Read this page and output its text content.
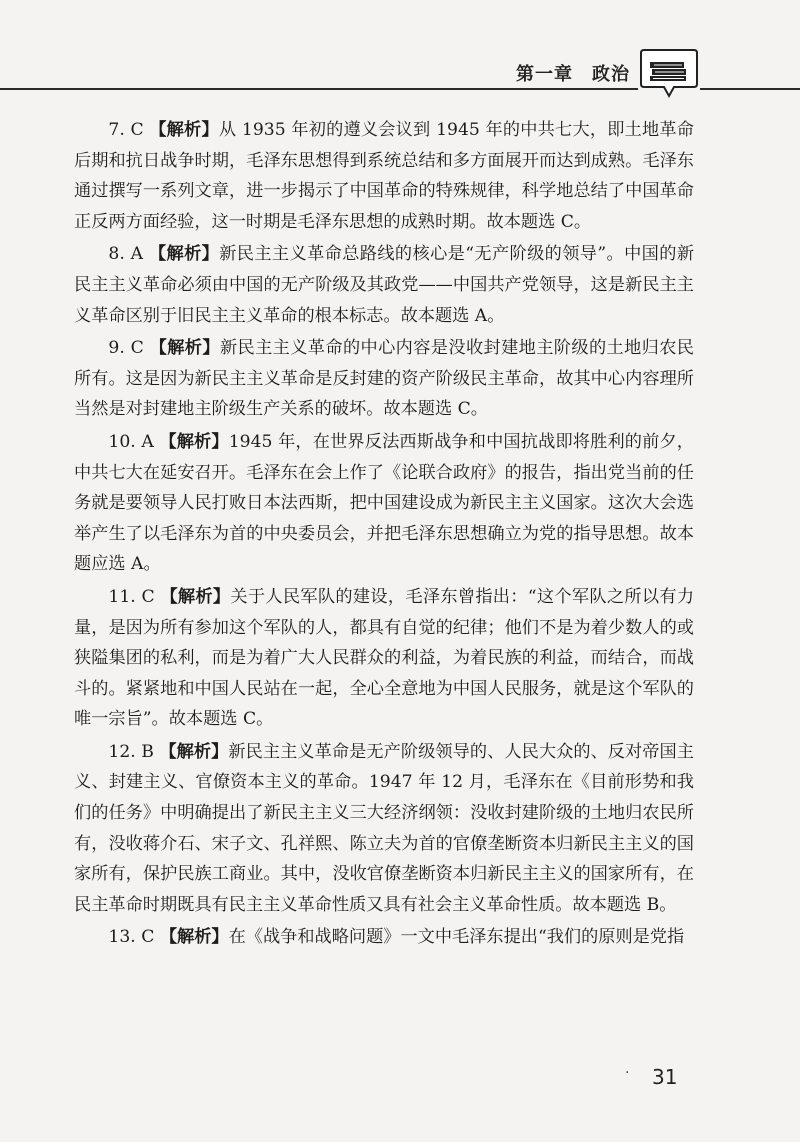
第一章　政治

7. C 【解析】从 1935 年初的遵义会议到 1945 年的中共七大，即土地革命后期和抗日战争时期，毛泽东思想得到系统总结和多方面展开而达到成熟。毛泽东通过撰写一系列文章，进一步揭示了中国革命的特殊规律，科学地总结了中国革命正反两方面经验，这一时期是毛泽东思想的成熟时期。故本题选 C。

8. A 【解析】新民主主义革命总路线的核心是“无产阶级的领导”。中国的新民主主义革命必须由中国的无产阶级及其政党——中国共产党领导，这是新民主主义革命区别于旧民主主义革命的根本标志。故本题选 A。

9. C 【解析】新民主主义革命的中心内容是没收封建地主阶级的土地归农民所有。这是因为新民主主义革命是反封建的资产阶级民主革命，故其中心内容理所当然是对封建地主阶级生产关系的破坏。故本题选 C。

10. A 【解析】1945 年，在世界反法西斯战争和中国抗战即将胜利的前夕，中共七大在延安召开。毛泽东在会上作了《论联合政府》的报告，指出党当前的任务就是要领导人民打败日本法西斯，把中国建设成为新民主主义国家。这次大会选举产生了以毛泽东为首的中央委员会，并把毛泽东思想确立为党的指导思想。故本题应选 A。

11. C 【解析】关于人民军队的建设，毛泽东曾指出：“这个军队之所以有力量，是因为所有参加这个军队的人，都具有自觉的纪律；他们不是为着少数人的或狭隘集团的私利，而是为着广大人民群众的利益，为着民族的利益，而结合，而战斗的。紧紧地和中国人民站在一起，全心全意地为中国人民服务，就是这个军队的唯一宗旨”。故本题选 C。

12. B 【解析】新民主主义革命是无产阶级领导的、人民大众的、反对帝国主义、封建主义、官僚资本主义的革命。1947 年 12 月，毛泽东在《目前形势和我们的任务》中明确提出了新民主主义三大经济纲领：没收封建阶级的土地归农民所有，没收蒋介石、宋子文、孔祥熙、陈立夫为首的官僚垄断资本归新民主主义的国家所有，保护民族工商业。其中，没收官僚垄断资本归新民主主义的国家所有，在民主革命时期既具有民主主义革命性质又具有社会主义革命性质。故本题选 B。

13. C 【解析】在《战争和战略问题》一文中毛泽东提出“我们的原则是党指

· 31
